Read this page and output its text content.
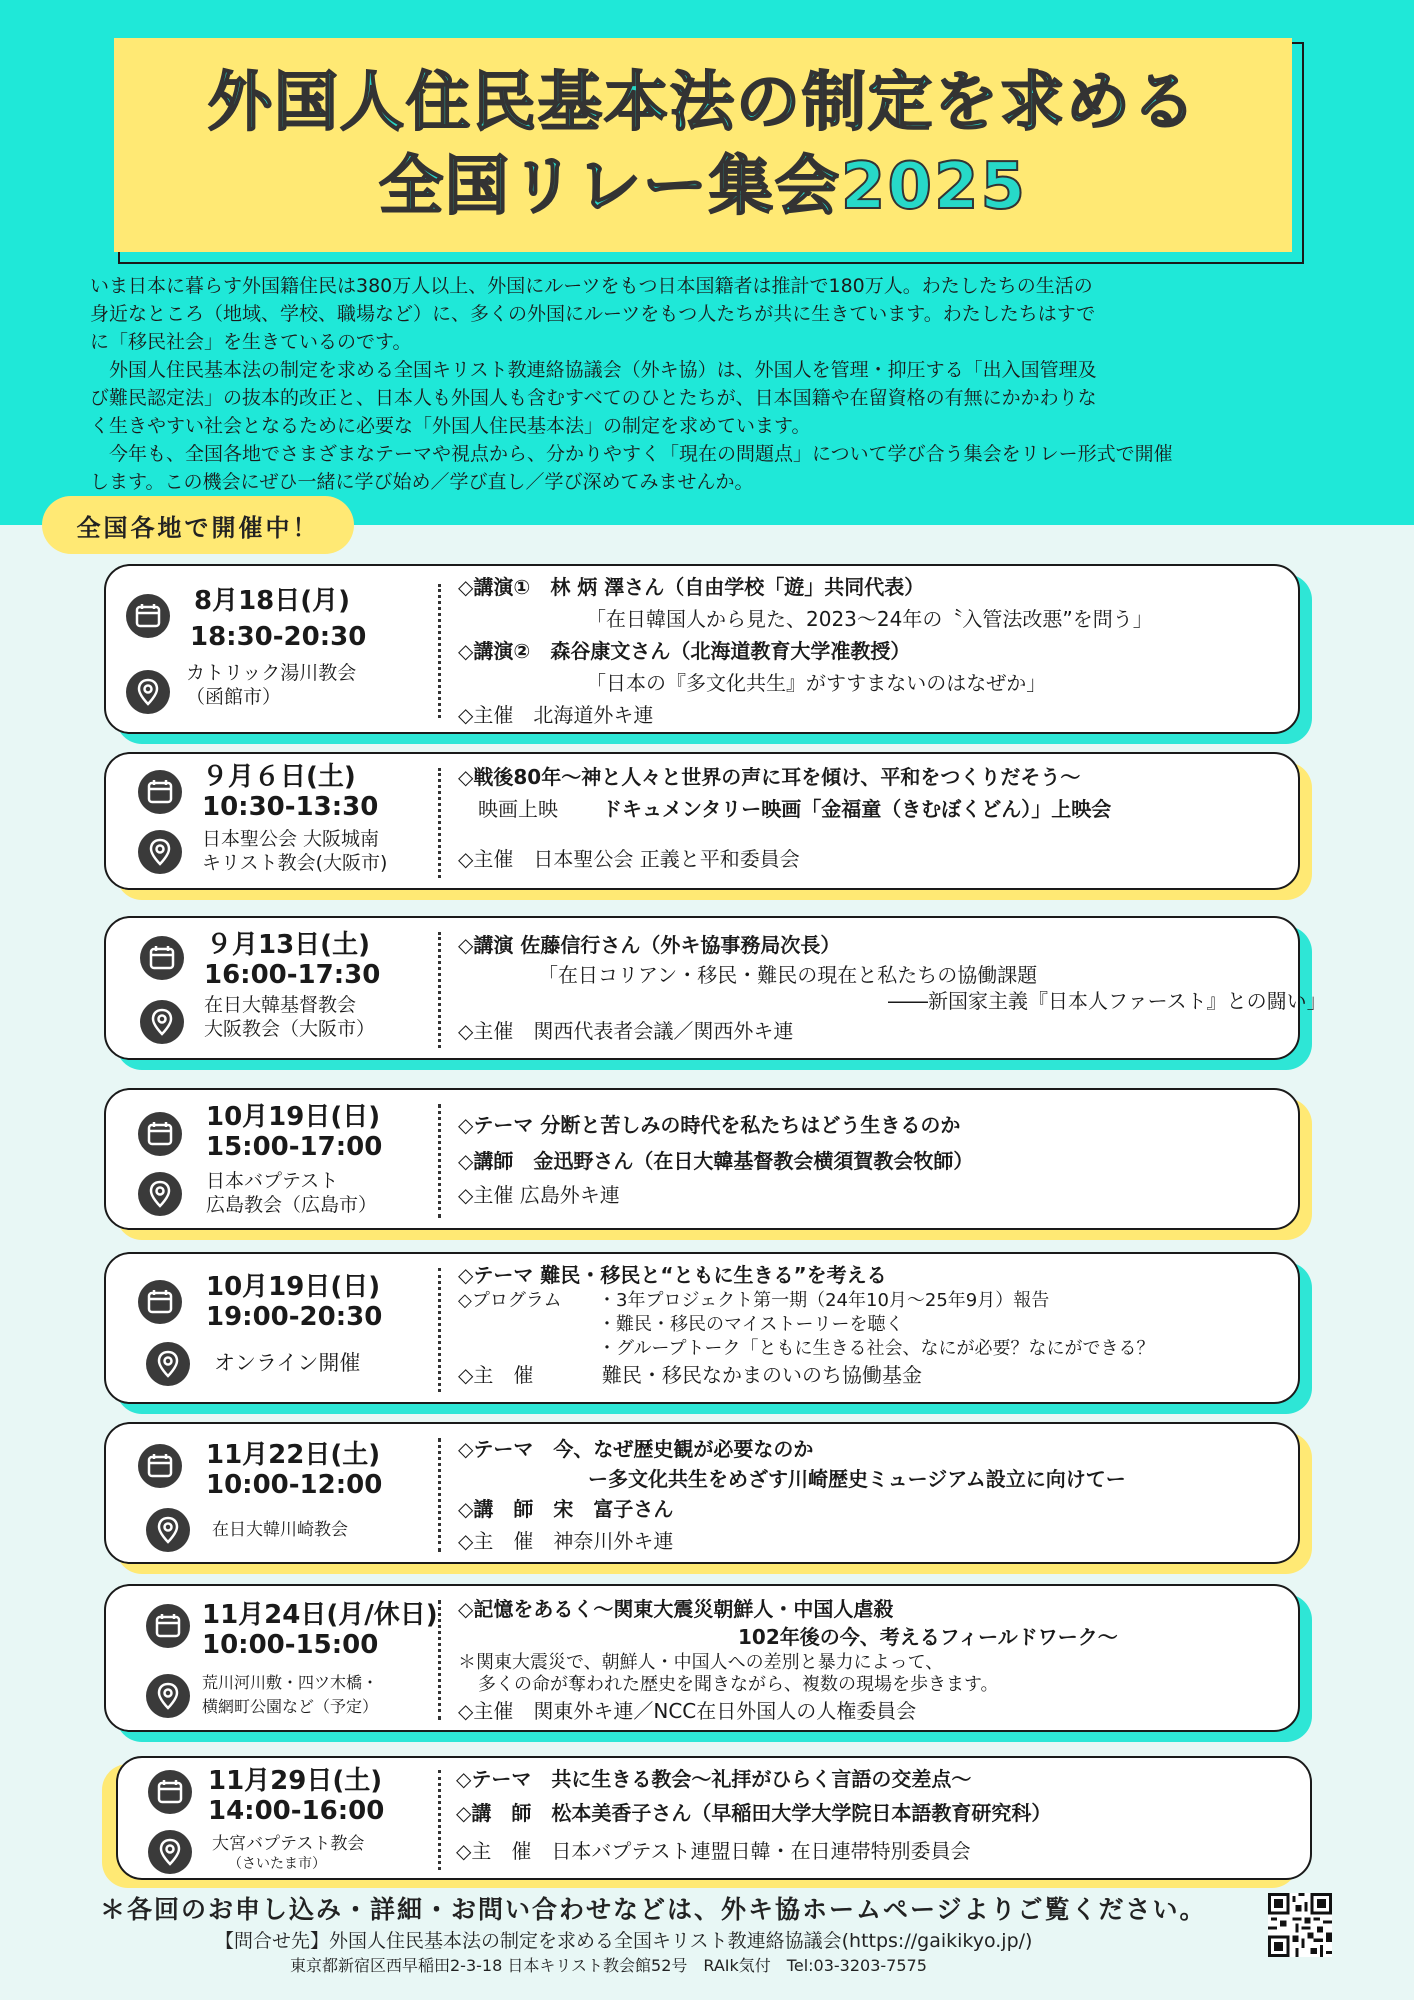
外国人住民基本法の制定を求める
全国リレー集会2025

いま日本に暮らす外国籍住民は380万人以上、外国にルーツをもつ日本国籍者は推計で180万人。わたしたちの生活の

身近なところ（地域、学校、職場など）に、多くの外国にルーツをもつ人たちが共に生きています。わたしたちはすで

に「移民社会」を生きているのです。

　外国人住民基本法の制定を求める全国キリスト教連絡協議会（外キ協）は、外国人を管理・抑圧する「出入国管理及

び難民認定法」の抜本的改正と、日本人も外国人も含むすべてのひとたちが、日本国籍や在留資格の有無にかかわりな

く生きやすい社会となるために必要な「外国人住民基本法」の制定を求めています。

　今年も、全国各地でさまざまなテーマや視点から、分かりやすく「現在の問題点」について学び合う集会をリレー形式で開催

します。この機会にぜひ一緒に学び始め／学び直し／学び深めてみませんか。

全国各地で開催中！
8月18日(月)
18:30-20:30
カトリック湯川教会
（函館市）
◇講演①　林 炳 澤さん（自由学校「遊」共同代表）
「在日韓国人から見た、2023〜24年の〝入管法改悪”を問う」
◇講演②　森谷康文さん（北海道教育大学准教授）
「日本の『多文化共生』がすすまないのはなぜか」
◇主催　北海道外キ連
９月６日(土)
10:30-13:30
日本聖公会 大阪城南
キリスト教会(大阪市)
◇戦後80年〜神と人々と世界の声に耳を傾け、平和をつくりだそう〜
映画上映 ドキュメンタリー映画「金福童（きむぼくどん）」上映会
◇主催　日本聖公会 正義と平和委員会
９月13日(土)
16:00-17:30
在日大韓基督教会
大阪教会（大阪市）
◇講演 佐藤信行さん（外キ協事務局次長）
「在日コリアン・移民・難民の現在と私たちの協働課題
――新国家主義『日本人ファースト』との闘い」
◇主催　関西代表者会議／関西外キ連
10月19日(日)
15:00-17:00
日本バプテスト
広島教会（広島市）
◇テーマ 分断と苦しみの時代を私たちはどう生きるのか
◇講師　金迅野さん（在日大韓基督教会横須賀教会牧師）
◇主催 広島外キ連
10月19日(日)
19:00-20:30
オンライン開催
◇テーマ 難民・移民と“ともに生きる”を考える
◇プログラム ・3年プロジェクト第一期（24年10月〜25年9月）報告
・難民・移民のマイストーリーを聴く
・グループトーク「ともに生きる社会、なにが必要？なにができる？
◇主　催	難民・移民なかまのいのち協働基金
11月22日(土)
10:00-12:00
在日大韓川崎教会
◇テーマ　今、なぜ歴史観が必要なのか
ー多文化共生をめざす川崎歴史ミュージアム設立に向けてー
◇講　師　宋　富子さん
◇主　催　神奈川外キ連
11月24日(月/休日)
10:00-15:00
荒川河川敷・四ツ木橋・
横網町公園など（予定）
◇記憶をあるく〜関東大震災朝鮮人・中国人虐殺
102年後の今、考えるフィールドワーク〜
＊関東大震災で、朝鮮人・中国人への差別と暴力によって、
多くの命が奪われた歴史を聞きながら、複数の現場を歩きます。
◇主催　関東外キ連／NCC在日外国人の人権委員会
11月29日(土)
14:00-16:00
大宮バプテスト教会
（さいたま市）
◇テーマ　共に生きる教会〜礼拝がひらく言語の交差点〜
◇講　師　松本美香子さん（早稲田大学大学院日本語教育研究科）
◇主　催　日本バプテスト連盟日韓・在日連帯特別委員会
＊各回のお申し込み・詳細・お問い合わせなどは、外キ協ホームページよりご覧ください。
【問合せ先】外国人住民基本法の制定を求める全国キリスト教連絡協議会(https://gaikikyo.jp/)
東京都新宿区西早稲田2-3-18 日本キリスト教会館52号　RAIk気付　Tel:03-3203-7575
